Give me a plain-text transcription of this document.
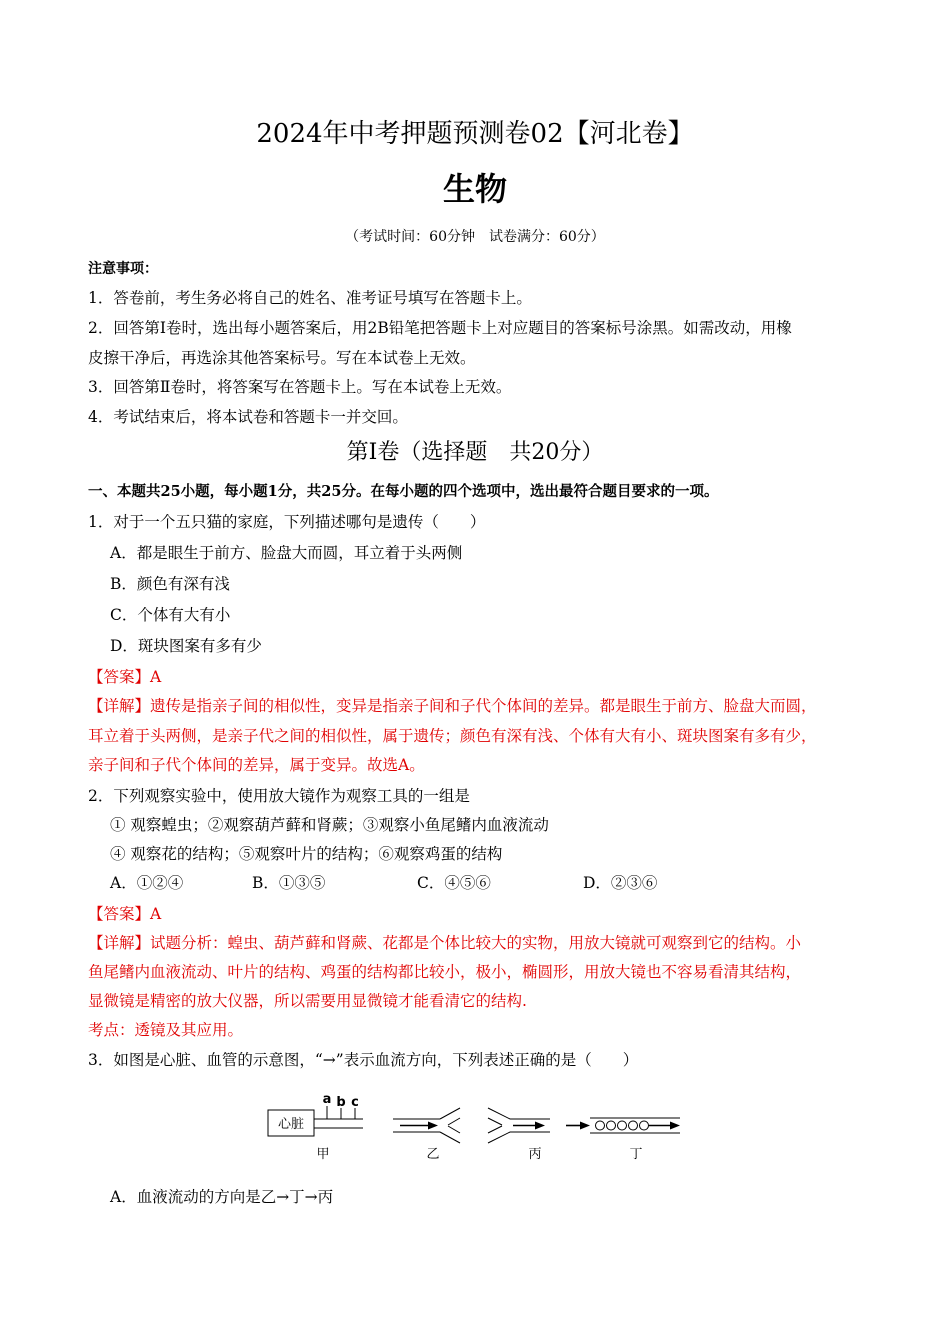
2024年中考押题预测卷02【河北卷】
生物
（考试时间：60分钟　试卷满分：60分）
注意事项：
1．答卷前，考生务必将自己的姓名、准考证号填写在答题卡上。
2．回答第Ⅰ卷时，选出每小题答案后，用2B铅笔把答题卡上对应题目的答案标号涂黑。如需改动，用橡
皮擦干净后，再选涂其他答案标号。写在本试卷上无效。
3．回答第Ⅱ卷时，将答案写在答题卡上。写在本试卷上无效。
4．考试结束后，将本试卷和答题卡一并交回。
第Ⅰ卷（选择题　共20分）
一、本题共25小题，每小题1分，共25分。在每小题的四个选项中，选出最符合题目要求的一项。
1．对于一个五只猫的家庭，下列描述哪句是遗传（　　）
A．都是眼生于前方、脸盘大而圆，耳立着于头两侧
B．颜色有深有浅
C．个体有大有小
D．斑块图案有多有少
【答案】A
【详解】遗传是指亲子间的相似性，变异是指亲子间和子代个体间的差异。都是眼生于前方、脸盘大而圆，
耳立着于头两侧，是亲子代之间的相似性，属于遗传；颜色有深有浅、个体有大有小、斑块图案有多有少，
亲子间和子代个体间的差异，属于变异。故选A。
2．下列观察实验中，使用放大镜作为观察工具的一组是
① 观察蝗虫；②观察葫芦藓和肾蕨；③观察小鱼尾鳍内血液流动
④ 观察花的结构；⑤观察叶片的结构；⑥观察鸡蛋的结构
A．①②④	B．①③⑤	C．④⑤⑥	D．②③⑥
【答案】A
【详解】试题分析：蝗虫、葫芦藓和肾蕨、花都是个体比较大的实物，用放大镜就可观察到它的结构。小
鱼尾鳍内血液流动、叶片的结构、鸡蛋的结构都比较小，极小，椭圆形，用放大镜也不容易看清其结构，
显微镜是精密的放大仪器，所以需要用显微镜才能看清它的结构.
考点：透镜及其应用。
3．如图是心脏、血管的示意图，“→”表示血流方向，下列表述正确的是（　　）
心脏
a b c
甲	乙	丙	丁
A．血液流动的方向是乙→丁→丙
